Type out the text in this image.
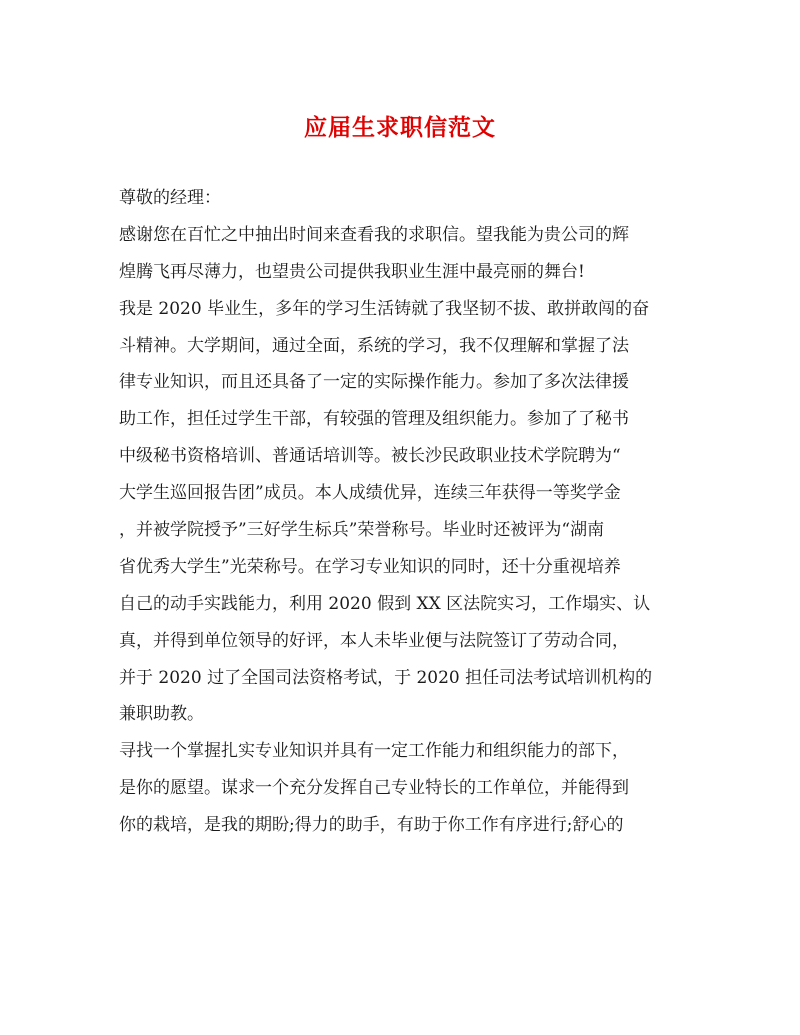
应届生求职信范文
尊敬的经理：
感谢您在百忙之中抽出时间来查看我的求职信。望我能为贵公司的辉
煌腾飞再尽薄力，也望贵公司提供我职业生涯中最亮丽的舞台!
我是 2020 毕业生，多年的学习生活铸就了我坚韧不拔、敢拼敢闯的奋
斗精神。大学期间，通过全面，系统的学习，我不仅理解和掌握了法
律专业知识，而且还具备了一定的实际操作能力。参加了多次法律援
助工作，担任过学生干部，有较强的管理及组织能力。参加了了秘书
中级秘书资格培训、普通话培训等。被长沙民政职业技术学院聘为“
大学生巡回报告团”成员。本人成绩优异，连续三年获得一等奖学金
，并被学院授予”三好学生标兵”荣誉称号。毕业时还被评为“湖南
省优秀大学生”光荣称号。在学习专业知识的同时，还十分重视培养
自己的动手实践能力，利用 2020 假到 XX 区法院实习，工作塌实、认
真，并得到单位领导的好评，本人未毕业便与法院签订了劳动合同，
并于 2020 过了全国司法资格考试，于 2020 担任司法考试培训机构的
兼职助教。
寻找一个掌握扎实专业知识并具有一定工作能力和组织能力的部下，
是你的愿望。谋求一个充分发挥自己专业特长的工作单位，并能得到
你的栽培，是我的期盼;得力的助手，有助于你工作有序进行;舒心的
